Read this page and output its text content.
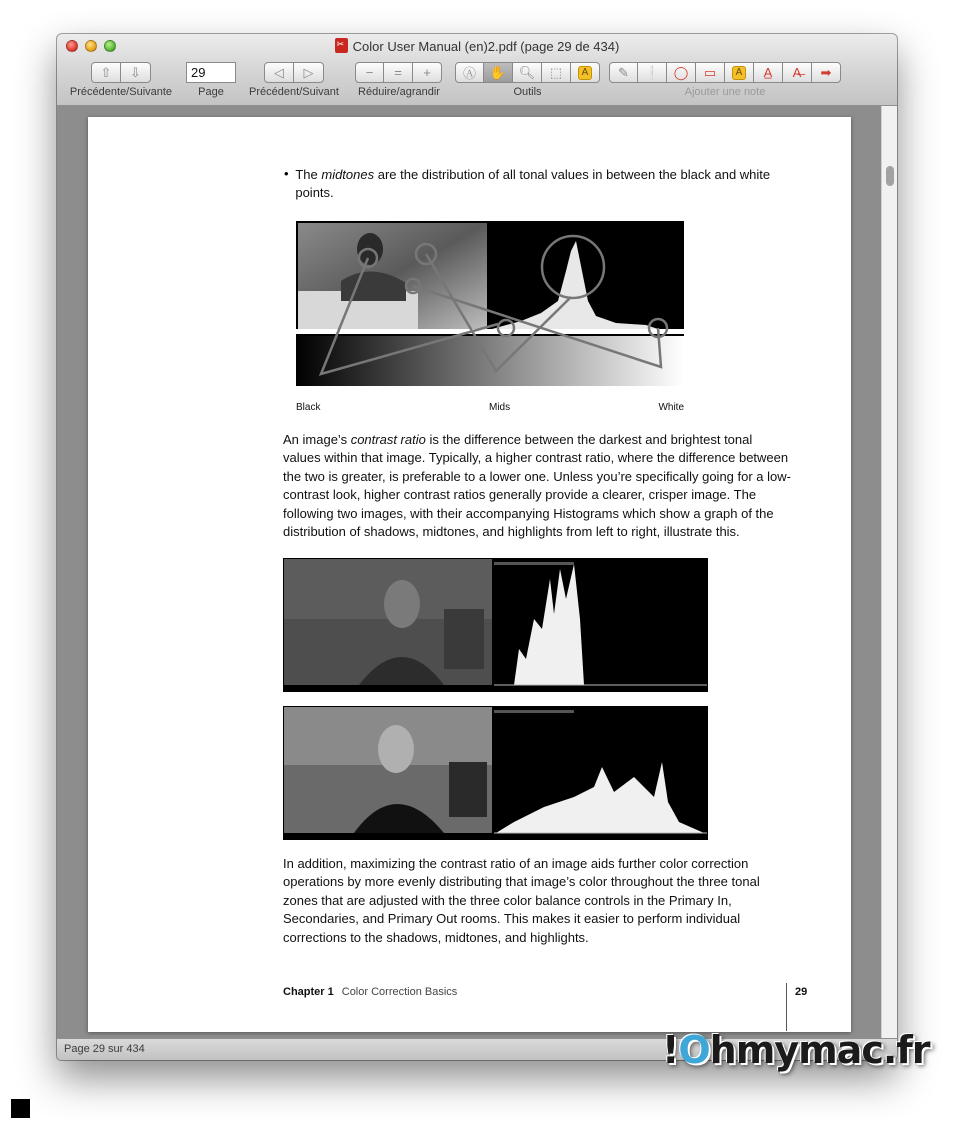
✂Color User Manual (en)2.pdf (page 29 de 434)
⇧ ⇩
Précédente/Suivante
29
Page
◁ ▷
Précédent/Suivant
− = +
Réduire/agrandir
Ⓐ ✋ 🔍︎ ⬚	A
Outils
✎ ❕ ◯ ▭	A A̲ A̶ ➡
Ajouter une note
• The midtones are the distribution of all tonal values in between the black and white points.

Black	Mids	White

An image’s contrast ratio is the difference between the darkest and brightest tonal values within that image. Typically, a higher contrast ratio, where the difference between the two is greater, is preferable to a lower one. Unless you’re specifically going for a low-contrast look, higher contrast ratios generally provide a clearer, crisper image. The following two images, with their accompanying Histograms which show a graph of the distribution of shadows, midtones, and highlights from left to right, illustrate this.

In addition, maximizing the contrast ratio of an image aids further color correction operations by more evenly distributing that image’s color throughout the three tonal zones that are adjusted with the three color balance controls in the Primary In, Secondaries, and Primary Out rooms. This makes it easier to perform individual corrections to the shadows, midtones, and highlights.

Chapter 1 Color Correction Basics	29
Page 29 sur 434	!Ohmymac.fr
